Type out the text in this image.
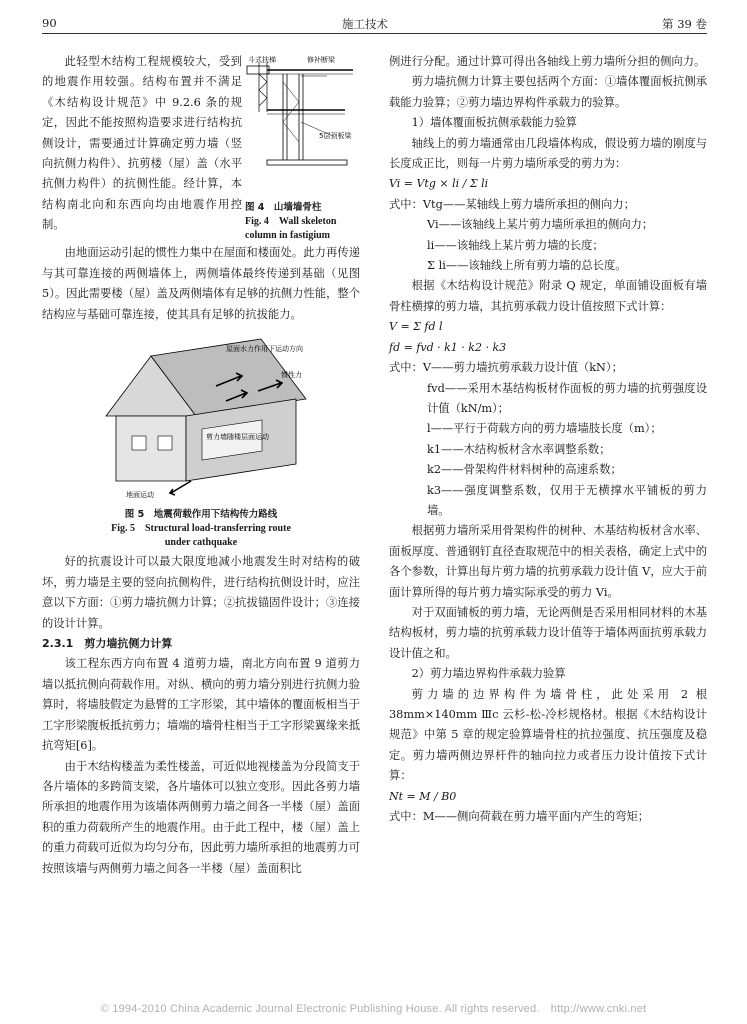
90	施工技术	第 39 卷
斗式扶梯	修补断梁
5层顶板梁
图 4　山墙墙骨柱
Fig. 4　Wall skeleton column in fastigium

此轻型木结构工程规模较大，受到的地震作用较强。结构布置并不满足《木结构设计规范》中 9.2.6 条的规定，因此不能按照构造要求进行结构抗侧设计，需要通过计算确定剪力墙（竖向抗侧力构件）、抗剪楼（屋）盖（水平抗侧力构件）的抗侧性能。经计算，本结构南北向和东西向均由地震作用控制。

由地面运动引起的惯性力集中在屋面和楼面处。此力再传递与其可靠连接的两侧墙体上，两侧墙体最终传递到基础（见图 5）。因此需要楼（屋）盖及两侧墙体有足够的抗侧力性能，整个结构应与基础可靠连接，使其具有足够的抗拔能力。

屋面水力作用下运动方向
惯性力
剪力墙随楼层面运动
地面运动
图 5　地震荷载作用下结构传力路线
Fig. 5　Structural load-transferring route under cathquake

好的抗震设计可以最大限度地减小地震发生时对结构的破坏，剪力墙是主要的竖向抗侧构件，进行结构抗侧设计时，应注意以下方面：①剪力墙抗侧力计算；②抗拔锚固件设计；③连接的设计计算。

2.3.1　剪力墙抗侧力计算

该工程东西方向布置 4 道剪力墙，南北方向布置 9 道剪力墙以抵抗侧向荷载作用。对纵、横向的剪力墙分别进行抗侧力验算时，将墙肢假定为悬臂的工字形梁，其中墙体的覆面板相当于工字形梁腹板抵抗剪力；墙端的墙骨柱相当于工字形梁翼缘来抵抗弯矩[6]。

由于木结构楼盖为柔性楼盖，可近似地视楼盖为分段简支于各片墙体的多跨简支梁，各片墙体可以独立变形。因此各剪力墙所承担的地震作用为该墙体两侧剪力墙之间各一半楼（屋）盖面积的重力荷载所产生的地震作用。由于此工程中，楼（屋）盖上的重力荷载可近似为均匀分布，因此剪力墙所承担的地震剪力可按照该墙与两侧剪力墙之间各一半楼（屋）盖面积比

例进行分配。通过计算可得出各轴线上剪力墙所分担的侧向力。

剪力墙抗侧力计算主要包括两个方面：①墙体覆面板抗侧承载能力验算；②剪力墙边界构件承载力的验算。

1）墙体覆面板抗侧承载能力验算

轴线上的剪力墙通常由几段墙体构成，假设剪力墙的刚度与长度成正比，则每一片剪力墙所承受的剪力为：

Vi = Vtg × li / Σ li

式中：Vtg——某轴线上剪力墙所承担的侧向力；

Vi——该轴线上某片剪力墙所承担的侧向力；

li——该轴线上某片剪力墙的长度；

Σ li——该轴线上所有剪力墙的总长度。

根据《木结构设计规范》附录 Q 规定，单面铺设面板有墙骨柱横撑的剪力墙，其抗剪承载力设计值按照下式计算：

V = Σ fd l

fd = fvd · k1 · k2 · k3

式中：V——剪力墙抗剪承载力设计值（kN）；

fvd——采用木基结构板材作面板的剪力墙的抗剪强度设计值（kN/m）；

l——平行于荷载方向的剪力墙墙肢长度（m）；

k1——木结构板材含水率调整系数；

k2——骨架构件材料树种的高速系数；

k3——强度调整系数，仅用于无横撑水平铺板的剪力墙。

根据剪力墙所采用骨架构件的树种、木基结构板材含水率、面板厚度、普通钢钉直径查取规范中的相关表格，确定上式中的各个参数，计算出每片剪力墙的抗剪承载力设计值 V，应大于前面计算所得的每片剪力墙实际承受的剪力 Vi。

对于双面铺板的剪力墙，无论两侧是否采用相同材料的木基结构板材，剪力墙的抗剪承载力设计值等于墙体两面抗剪承载力设计值之和。

2）剪力墙边界构件承载力验算

剪力墙的边界构件为墙骨柱，此处采用 2 根 38mm×140mm Ⅲc 云杉-松-冷杉规格材。根据《木结构设计规范》中第 5 章的规定验算墙骨柱的抗拉强度、抗压强度及稳定。剪力墙两侧边界杆件的轴向拉力或者压力设计值按下式计算：

Nt = M / B0

式中：M——侧向荷载在剪力墙平面内产生的弯矩；

© 1994-2010 China Academic Journal Electronic Publishing House. All rights reserved.　http://www.cnki.net
